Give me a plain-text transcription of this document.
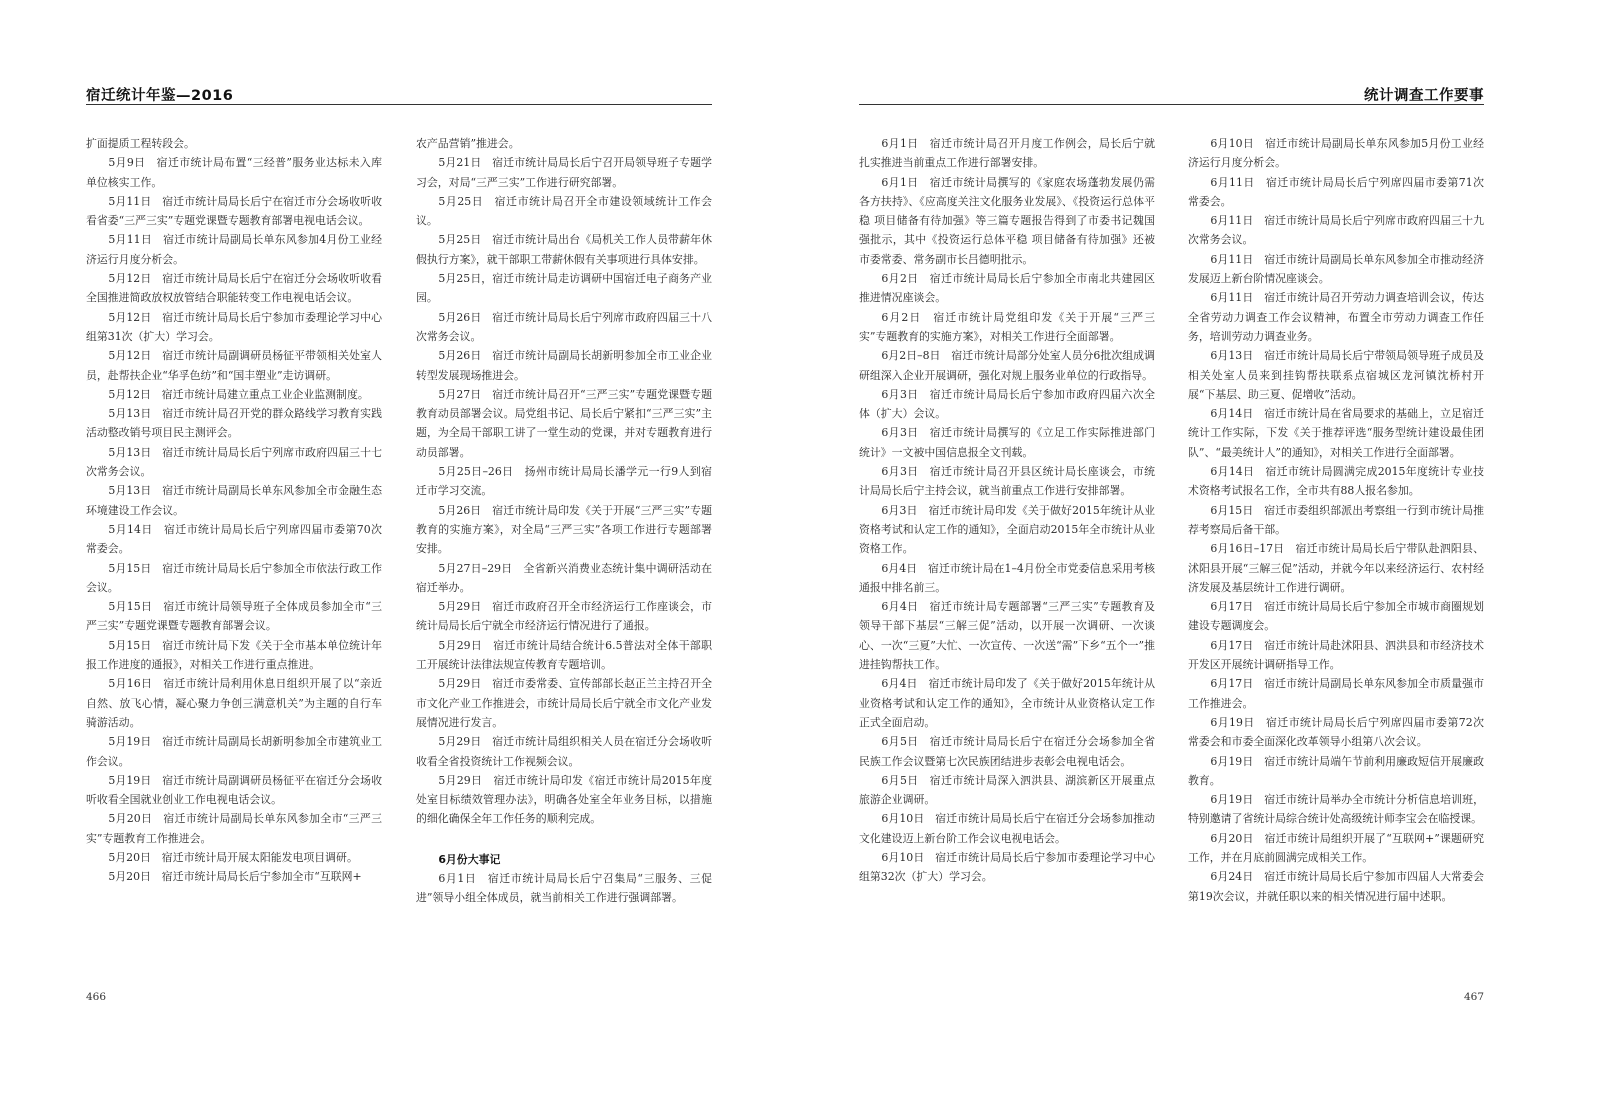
宿迁统计年鉴—2016

扩面提质工程转段会。

5月9日　宿迁市统计局布置“三经普”服务业达标未入库单位核实工作。

5月11日　宿迁市统计局局长后宁在宿迁市分会场收听收看省委“三严三实”专题党课暨专题教育部署电视电话会议。

5月11日　宿迁市统计局副局长单东风参加4月份工业经济运行月度分析会。

5月12日　宿迁市统计局局长后宁在宿迁分会场收听收看全国推进简政放权放管结合职能转变工作电视电话会议。

5月12日　宿迁市统计局局长后宁参加市委理论学习中心组第31次（扩大）学习会。

5月12日　宿迁市统计局副调研员杨征平带领相关处室人员，赴帮扶企业“华孚色纺”和“国丰塑业”走访调研。

5月12日　宿迁市统计局建立重点工业企业监测制度。

5月13日　宿迁市统计局召开党的群众路线学习教育实践活动整改销号项目民主测评会。

5月13日　宿迁市统计局局长后宁列席市政府四届三十七次常务会议。

5月13日　宿迁市统计局副局长单东风参加全市金融生态环境建设工作会议。

5月14日　宿迁市统计局局长后宁列席四届市委第70次常委会。

5月15日　宿迁市统计局局长后宁参加全市依法行政工作会议。

5月15日　宿迁市统计局领导班子全体成员参加全市“三严三实”专题党课暨专题教育部署会议。

5月15日　宿迁市统计局下发《关于全市基本单位统计年报工作进度的通报》，对相关工作进行重点推进。

5月16日　宿迁市统计局利用休息日组织开展了以“亲近自然、放飞心情，凝心聚力争创三满意机关”为主题的自行车骑游活动。

5月19日　宿迁市统计局副局长胡新明参加全市建筑业工作会议。

5月19日　宿迁市统计局副调研员杨征平在宿迁分会场收听收看全国就业创业工作电视电话会议。

5月20日　宿迁市统计局副局长单东风参加全市“三严三实”专题教育工作推进会。

5月20日　宿迁市统计局开展太阳能发电项目调研。

5月20日　宿迁市统计局局长后宁参加全市“互联网+

农产品营销”推进会。

5月21日　宿迁市统计局局长后宁召开局领导班子专题学习会，对局“三严三实”工作进行研究部署。

5月25日　宿迁市统计局召开全市建设领域统计工作会议。

5月25日　宿迁市统计局出台《局机关工作人员带薪年休假执行方案》，就干部职工带薪休假有关事项进行具体安排。

5月25日，宿迁市统计局走访调研中国宿迁电子商务产业园。

5月26日　宿迁市统计局局长后宁列席市政府四届三十八次常务会议。

5月26日　宿迁市统计局副局长胡新明参加全市工业企业转型发展现场推进会。

5月27日　宿迁市统计局召开“三严三实”专题党课暨专题教育动员部署会议。局党组书记、局长后宁紧扣“三严三实”主题，为全局干部职工讲了一堂生动的党课，并对专题教育进行动员部署。

5月25日–26日　扬州市统计局局长潘学元一行9人到宿迁市学习交流。

5月26日　宿迁市统计局印发《关于开展“三严三实”专题教育的实施方案》，对全局“三严三实”各项工作进行专题部署安排。

5月27日–29日　全省新兴消费业态统计集中调研活动在宿迁举办。

5月29日　宿迁市政府召开全市经济运行工作座谈会，市统计局局长后宁就全市经济运行情况进行了通报。

5月29日　宿迁市统计局结合统计6.5普法对全体干部职工开展统计法律法规宣传教育专题培训。

5月29日　宿迁市委常委、宣传部部长赵正兰主持召开全市文化产业工作推进会，市统计局局长后宁就全市文化产业发展情况进行发言。

5月29日　宿迁市统计局组织相关人员在宿迁分会场收听收看全省投资统计工作视频会议。

5月29日　宿迁市统计局印发《宿迁市统计局2015年度处室目标绩效管理办法》，明确各处室全年业务目标，以措施的细化确保全年工作任务的顺利完成。

6月份大事记

6月1日　宿迁市统计局局长后宁召集局“三服务、三促进”领导小组全体成员，就当前相关工作进行强调部署。

466
统计调查工作要事

6月1日　宿迁市统计局召开月度工作例会，局长后宁就扎实推进当前重点工作进行部署安排。

6月1日　宿迁市统计局撰写的《家庭农场蓬勃发展仍需各方扶持》、《应高度关注文化服务业发展》、《投资运行总体平稳 项目储备有待加强》等三篇专题报告得到了市委书记魏国强批示，其中《投资运行总体平稳 项目储备有待加强》还被市委常委、常务副市长吕德明批示。

6月2日　宿迁市统计局局长后宁参加全市南北共建园区推进情况座谈会。

6月2日　宿迁市统计局党组印发《关于开展“三严三实”专题教育的实施方案》，对相关工作进行全面部署。

6月2日–8日　宿迁市统计局部分处室人员分6批次组成调研组深入企业开展调研，强化对规上服务业单位的行政指导。

6月3日　宿迁市统计局局长后宁参加市政府四届六次全体（扩大）会议。

6月3日　宿迁市统计局撰写的《立足工作实际推进部门统计》一文被中国信息报全文刊载。

6月3日　宿迁市统计局召开县区统计局长座谈会，市统计局局长后宁主持会议，就当前重点工作进行安排部署。

6月3日　宿迁市统计局印发《关于做好2015年统计从业资格考试和认定工作的通知》，全面启动2015年全市统计从业资格工作。

6月4日　宿迁市统计局在1–4月份全市党委信息采用考核通报中排名前三。

6月4日　宿迁市统计局专题部署“三严三实”专题教育及领导干部下基层“三解三促”活动，以开展一次调研、一次谈心、一次“三夏”大忙、一次宣传、一次送“需”下乡“五个一”推进挂钩帮扶工作。

6月4日　宿迁市统计局印发了《关于做好2015年统计从业资格考试和认定工作的通知》，全市统计从业资格认定工作正式全面启动。

6月5日　宿迁市统计局局长后宁在宿迁分会场参加全省民族工作会议暨第七次民族团结进步表彰会电视电话会。

6月5日　宿迁市统计局深入泗洪县、湖滨新区开展重点旅游企业调研。

6月10日　宿迁市统计局局长后宁在宿迁分会场参加推动文化建设迈上新台阶工作会议电视电话会。

6月10日　宿迁市统计局局长后宁参加市委理论学习中心组第32次（扩大）学习会。

6月10日　宿迁市统计局副局长单东风参加5月份工业经济运行月度分析会。

6月11日　宿迁市统计局局长后宁列席四届市委第71次常委会。

6月11日　宿迁市统计局局长后宁列席市政府四届三十九次常务会议。

6月11日　宿迁市统计局副局长单东风参加全市推动经济发展迈上新台阶情况座谈会。

6月11日　宿迁市统计局召开劳动力调查培训会议，传达全省劳动力调查工作会议精神，布置全市劳动力调查工作任务，培训劳动力调查业务。

6月13日　宿迁市统计局局长后宁带领局领导班子成员及相关处室人员来到挂钩帮扶联系点宿城区龙河镇沈桥村开展“下基层、助三夏、促增收”活动。

6月14日　宿迁市统计局在省局要求的基础上，立足宿迁统计工作实际，下发《关于推荐评选“服务型统计建设最佳团队”、“最美统计人”的通知》，对相关工作进行全面部署。

6月14日　宿迁市统计局圆满完成2015年度统计专业技术资格考试报名工作，全市共有88人报名参加。

6月15日　宿迁市委组织部派出考察组一行到市统计局推荐考察局后备干部。

6月16日–17日　宿迁市统计局局长后宁带队赴泗阳县、沭阳县开展“三解三促”活动，并就今年以来经济运行、农村经济发展及基层统计工作进行调研。

6月17日　宿迁市统计局局长后宁参加全市城市商圈规划建设专题调度会。

6月17日　宿迁市统计局赴沭阳县、泗洪县和市经济技术开发区开展统计调研指导工作。

6月17日　宿迁市统计局副局长单东风参加全市质量强市工作推进会。

6月19日　宿迁市统计局局长后宁列席四届市委第72次常委会和市委全面深化改革领导小组第八次会议。

6月19日　宿迁市统计局端午节前利用廉政短信开展廉政教育。

6月19日　宿迁市统计局举办全市统计分析信息培训班，特别邀请了省统计局综合统计处高级统计师李宝会在临授课。

6月20日　宿迁市统计局组织开展了“互联网+”课题研究工作，并在月底前圆满完成相关工作。

6月24日　宿迁市统计局局长后宁参加市四届人大常委会第19次会议，并就任职以来的相关情况进行届中述职。

467
